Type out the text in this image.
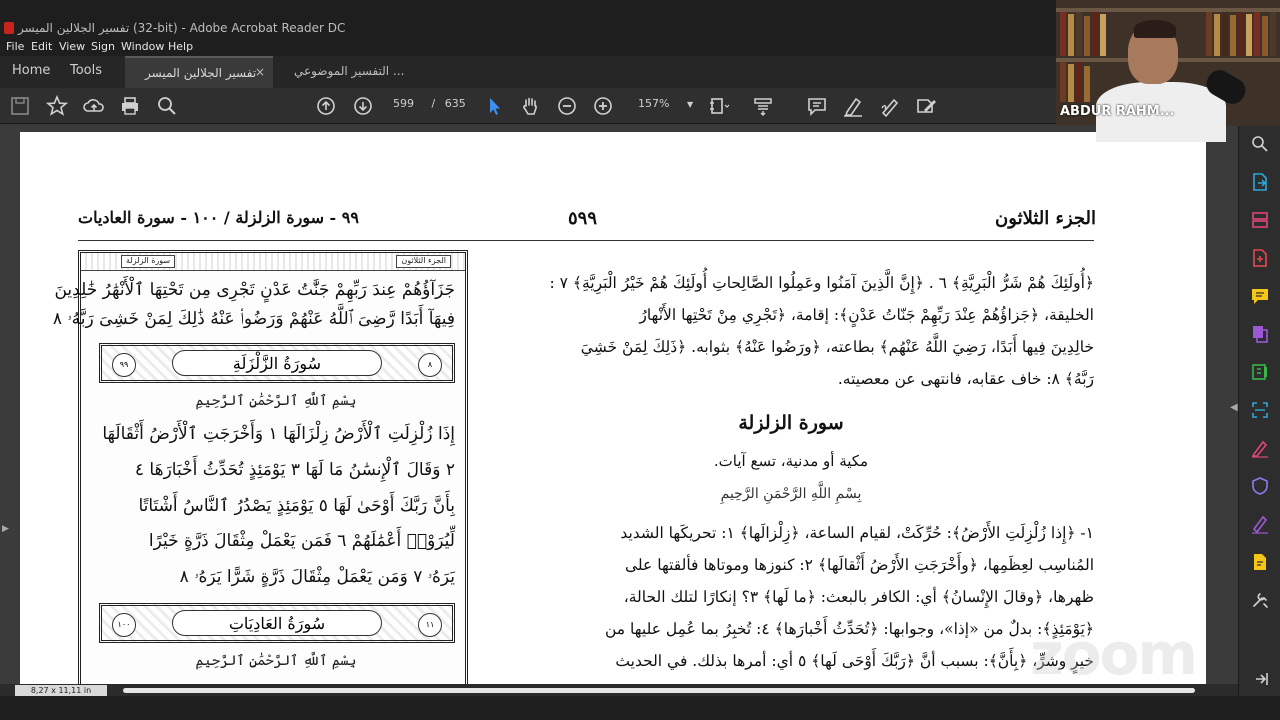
تفسير الجلالين الميسر (32-bit) - Adobe Acrobat Reader DC
File Edit View Sign Window Help
Home Tools	تفسير الجلالين الميسر
× التفسير الموضوعي ...
599 / 635	157% ▼
▶
الجزء الثلاثون
٥٩٩
٩٩ - سورة الزلزلة / ١٠٠ - سورة العاديات
الجزء الثلاثون
سورة الزلزلة
جَزَآؤُهُمْ عِندَ رَبِّهِمْ جَنَّٰتُ عَدْنٍ تَجْرِى مِن تَحْتِهَا ٱلْأَنْهَٰرُ خَٰلِدِينَ
فِيهَآ أَبَدًا رَّضِىَ ٱللَّهُ عَنْهُمْ وَرَضُوا۟ عَنْهُ ذَٰلِكَ لِمَنْ خَشِىَ رَبَّهُۥ ٨
٩٩	سُورَةُ الزَّلْزَلَةِ	٨
بِسْمِ ٱللَّهِ ٱلرَّحْمَٰنِ ٱلرَّحِيمِ
إِذَا زُلْزِلَتِ ٱلْأَرْضُ زِلْزَالَهَا ١ وَأَخْرَجَتِ ٱلْأَرْضُ أَثْقَالَهَا
٢ وَقَالَ ٱلْإِنسَٰنُ مَا لَهَا ٣ يَوْمَئِذٍ تُحَدِّثُ أَخْبَارَهَا ٤
بِأَنَّ رَبَّكَ أَوْحَىٰ لَهَا ٥ يَوْمَئِذٍ يَصْدُرُ ٱلنَّاسُ أَشْتَاتًا
لِّيُرَوْا۟ أَعْمَٰلَهُمْ ٦ فَمَن يَعْمَلْ مِثْقَالَ ذَرَّةٍ خَيْرًا
يَرَهُۥ ٧ وَمَن يَعْمَلْ مِثْقَالَ ذَرَّةٍ شَرًّا يَرَهُۥ ٨
١٠٠	سُورَةُ العَادِيَاتِ	١١
بِسْمِ ٱللَّهِ ٱلرَّحْمَٰنِ ٱلرَّحِيمِ
﴿أُولَئِكَ هُمْ شَرُّ الْبَرِيَّةِ﴾ ٦ . ﴿إِنَّ الَّذِينَ آمَنُوا وعَمِلُوا الصَّالِحاتِ أُولَئِكَ هُمْ خَيْرُ الْبَرِيَّةِ﴾ ٧ :
الخليقة، ﴿جَزاؤُهُمْ عِنْدَ رَبِّهِمْ جَنّاتُ عَدْنٍ﴾: إقامة، ﴿تَجْرِي مِنْ تَحْتِها الأَنْهارُ
خالِدِينَ فِيها أَبَدًا، رَضِيَ اللَّهُ عَنْهُم﴾ بطاعته، ﴿ورَضُوا عَنْهُ﴾ بثوابه. ﴿ذَلِكَ لِمَنْ خَشِيَ
رَبَّهُ﴾ ٨: خاف عقابه، فانتهى عن معصيته.
سورة الزلزلة
مكية أو مدنية، تسع آيات.
بِسْمِ اللَّهِ الرَّحْمَنِ الرَّحِيمِ
١- ﴿إِذا زُلْزِلَتِ الأَرْضُ﴾: حُرِّكَتْ، لقيام الساعة، ﴿زِلْزالَها﴾ ١: تحريكَها الشديد
المُناسِب لعِظَمِها، ﴿وأَخْرَجَتِ الأَرْضُ أَثْقالَها﴾ ٢: كنوزها وموتاها فألقتها على
ظهرها، ﴿وقالَ الإِنْسانُ﴾ أي: الكافر بالبعث: ﴿ما لَها﴾ ٣؟ إنكارًا لتلك الحالة،
﴿يَوْمَئِذٍ﴾: بدلٌ من «إذا»، وجوابها: ﴿تُحَدِّثُ أَخْبارَها﴾ ٤: تُخبِرُ بما عُمِل عليها من
خيرٍ وشرٍّ، ﴿بِأَنَّ﴾: بسبب أنَّ ﴿رَبَّكَ أَوْحَى لَها﴾ ٥ أي: أمرها بذلك. في الحديث
◀
8,27 x 11,11 in
zoom
ABDUR RAHM...
